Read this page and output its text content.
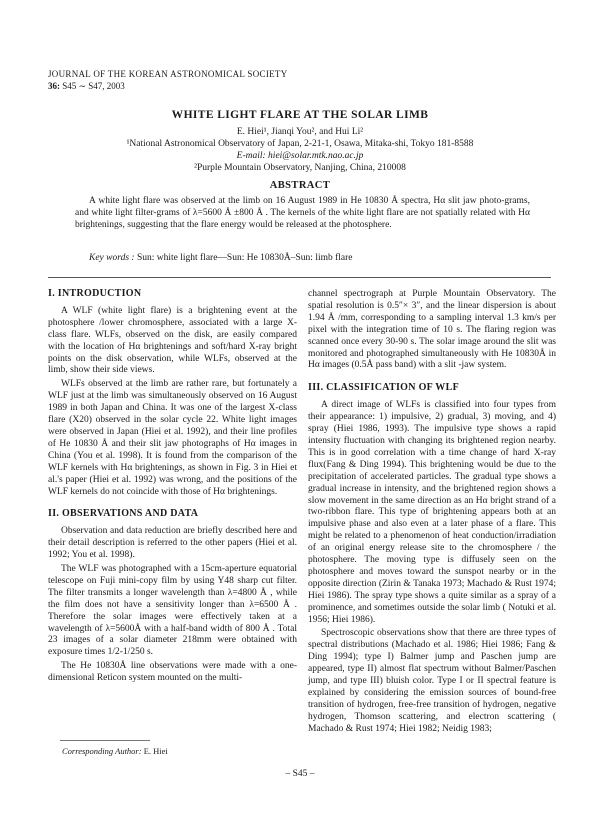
JOURNAL OF THE KOREAN ASTRONOMICAL SOCIETY
36: S45 ∼ S47, 2003
WHITE LIGHT FLARE AT THE SOLAR LIMB
E. Hiei¹, Jianqi You², and Hui Li²
¹National Astronomical Observatory of Japan, 2-21-1, Osawa, Mitaka-shi, Tokyo 181-8588
E-mail: hiei@solar.mtk.nao.ac.jp
²Purple Mountain Observatory, Nanjing, China, 210008
ABSTRACT
A white light flare was observed at the limb on 16 August 1989 in He 10830 Å spectra, Hα slit jaw photo-grams, and white light filter-grams of λ=5600 Å ±800 Å . The kernels of the white light flare are not spatially related with Hα brightenings, suggesting that the flare energy would be released at the photosphere.
Key words : Sun: white light flare—Sun: He 10830Å–Sun: limb flare
I. INTRODUCTION

A WLF (white light flare) is a brightening event at the photosphere /lower chromosphere, associated with a large X-class flare. WLFs, observed on the disk, are easily compared with the location of Hα brightenings and soft/hard X-ray bright points on the disk observation, while WLFs, observed at the limb, show their side views.

WLFs observed at the limb are rather rare, but fortunately a WLF just at the limb was simultaneously observed on 16 August 1989 in both Japan and China. It was one of the largest X-class flare (X20) observed in the solar cycle 22. White light images were observed in Japan (Hiei et al. 1992), and their line profiles of He 10830 Å and their slit jaw photographs of Hα images in China (You et al. 1998). It is found from the comparison of the WLF kernels with Hα brightenings, as shown in Fig. 3 in Hiei et al.'s paper (Hiei et al. 1992) was wrong, and the positions of the WLF kernels do not coincide with those of Hα brightenings.

II. OBSERVATIONS AND DATA

Observation and data reduction are briefly described here and their detail description is referred to the other papers (Hiei et al. 1992; You et al. 1998).

The WLF was photographed with a 15cm-aperture equatorial telescope on Fuji mini-copy film by using Y48 sharp cut filter. The filter transmits a longer wavelength than λ=4800 Å , while the film does not have a sensitivity longer than λ=6500 Å . Therefore the solar images were effectively taken at a wavelength of λ=5600Å with a half-band width of 800 Å . Total 23 images of a solar diameter 218mm were obtained with exposure times 1/2-1/250 s.

The He 10830Å line observations were made with a one-dimensional Reticon system mounted on the multi-

channel spectrograph at Purple Mountain Observatory. The spatial resolution is 0.5″× 3″, and the linear dispersion is about 1.94 Å /mm, corresponding to a sampling interval 1.3 km/s per pixel with the integration time of 10 s. The flaring region was scanned once every 30-90 s. The solar image around the slit was monitored and photographed simultaneously with He 10830Å in Hα images (0.5Å pass band) with a slit -jaw system.

III. CLASSIFICATION OF WLF

A direct image of WLFs is classified into four types from their appearance: 1) impulsive, 2) gradual, 3) moving, and 4) spray (Hiei 1986, 1993). The impulsive type shows a rapid intensity fluctuation with changing its brightened region nearby. This is in good correlation with a time change of hard X-ray flux(Fang & Ding 1994). This brightening would be due to the precipitation of accelerated particles. The gradual type shows a gradual increase in intensity, and the brightened region shows a slow movement in the same direction as an Hα bright strand of a two-ribbon flare. This type of brightening appears both at an impulsive phase and also even at a later phase of a flare. This might be related to a phenomenon of heat conduction/irradiation of an original energy release site to the chromosphere / the photosphere. The moving type is diffusely seen on the photosphere and moves toward the sunspot nearby or in the opposite direction (Zirin & Tanaka 1973; Machado & Rust 1974; Hiei 1986). The spray type shows a quite similar as a spray of a prominence, and sometimes outside the solar limb ( Notuki et al. 1956; Hiei 1986).

Spectroscopic observations show that there are three types of spectral distributions (Machado et al. 1986; Hiei 1986; Fang & Ding 1994); type I) Balmer jump and Paschen jump are appeared, type II) almost flat spectrum without Balmer/Paschen jump, and type III) bluish color. Type I or II spectral feature is explained by considering the emission sources of bound-free transition of hydrogen, free-free transition of hydrogen, negative hydrogen, Thomson scattering, and electron scattering ( Machado & Rust 1974; Hiei 1982; Neidig 1983;

Corresponding Author: E. Hiei
– S45 –
